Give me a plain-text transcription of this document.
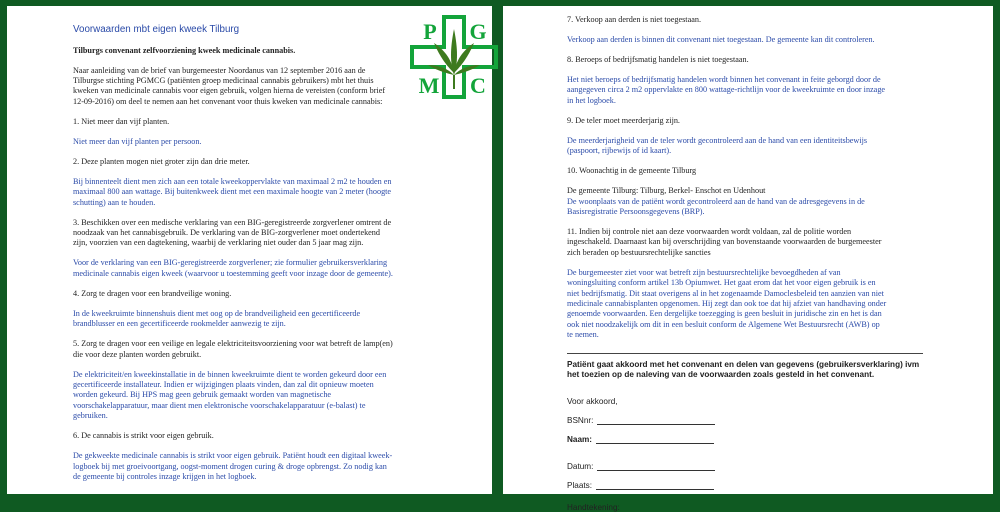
Voorwaarden mbt eigen kweek Tilburg
Tilburgs convenant zelfvoorziening kweek medicinale cannabis.
Naar aanleiding van de brief van burgemeester Noordanus van 12 september 2016 aan de
Tilburgse stichting PGMCG (patiënten groep medicinaal cannabis gebruikers) mbt het thuis
kweken van medicinale cannabis voor eigen gebruik, volgen hierna de vereisten (conform brief
12-09-2016) om deel te nemen aan het convenant voor thuis kweken van medicinale cannabis:
1. Niet meer dan vijf planten.
Niet meer dan vijf planten per persoon.
2. Deze planten mogen niet groter zijn dan drie meter.
Bij binnenteelt dient men zich aan een totale kweekoppervlakte van maximaal 2 m2 te houden en
maximaal 800 aan wattage. Bij buitenkweek dient met een maximale hoogte van 2 meter (hoogte
schutting) aan te houden.
3. Beschikken over een medische verklaring van een BIG-geregistreerde zorgverlener omtrent de
noodzaak van het cannabisgebruik. De verklaring van de BIG-zorgverlener moet ondertekend
zijn, voorzien van een dagtekening, waarbij de verklaring niet ouder dan 5 jaar mag zijn.
Voor de verklaring van een BIG-geregistreerde zorgverlener; zie formulier gebruikersverklaring
medicinale cannabis eigen kweek (waarvoor u toestemming geeft voor inzage door de gemeente).
4. Zorg te dragen voor een brandveilige woning.
In de kweekruimte binnenshuis dient met oog op de brandveiligheid een gecertificeerde
brandblusser en een gecertificeerde rookmelder aanwezig te zijn.
5. Zorg te dragen voor een veilige en legale elektriciteitsvoorziening voor wat betreft de lamp(en)
die voor deze planten worden gebruikt.
De elektriciteit/en kweekinstallatie in de binnen kweekruimte dient te worden gekeurd door een
gecertificeerde installateur. Indien er wijzigingen plaats vinden, dan zal dit opnieuw moeten
worden gekeurd. Bij HPS mag geen gebruik gemaakt worden van magnetische
voorschakelapparatuur, maar dient men elektronische voorschakelapparatuur (e-balast) te
gebruiken.
6. De cannabis is strikt voor eigen gebruik.
De gekweekte medicinale cannabis is strikt voor eigen gebruik. Patiënt houdt een digitaal kweek-
logboek bij met groeivoortgang, oogst-moment drogen curing & droge opbrengst. Zo nodig kan
de gemeente bij controles inzage krijgen in het logboek.
P G
M C
7. Verkoop aan derden is niet toegestaan.
Verkoop aan derden is binnen dit convenant niet toegestaan. De gemeente kan dit controleren.
8. Beroeps of bedrijfsmatig handelen is niet toegestaan.
Het niet beroeps of bedrijfsmatig handelen wordt binnen het convenant in feite geborgd door de
aangegeven circa 2 m2 oppervlakte en 800 wattage-richtlijn voor de kweekruimte en door inzage
in het logboek.
9. De teler moet meerderjarig zijn.
De meerderjarigheid van de teler wordt gecontroleerd aan de hand van een identiteitsbewijs
(paspoort, rijbewijs of id kaart).
10. Woonachtig in de gemeente Tilburg
De gemeente Tilburg: Tilburg, Berkel- Enschot en Udenhout
De woonplaats van de patiënt wordt gecontroleerd aan de hand van de adresgegevens in de
Basisregistratie Persoonsgegevens (BRP).
11. Indien bij controle niet aan deze voorwaarden wordt voldaan, zal de politie worden
ingeschakeld. Daarnaast kan bij overschrijding van bovenstaande voorwaarden de burgemeester
zich beraden op bestuursrechtelijke sancties
De burgemeester ziet voor wat betreft zijn bestuursrechtelijke bevoegdheden af van
woningsluiting conform artikel 13b Opiumwet. Het gaat erom dat het voor eigen gebruik is en
niet bedrijfsmatig. Dit staat overigens al in het zogenaamde Damoclesbeleid ten aanzien van niet
medicinale cannabisplanten opgenomen. Hij zegt dan ook toe dat hij afziet van handhaving onder
genoemde voorwaarden. Een dergelijke toezegging is geen besluit in juridische zin en het is dan
ook niet noodzakelijk om dit in een besluit conform de Algemene Wet Bestuursrecht (AWB) op
te nemen.
Patiënt gaat akkoord met het convenant en delen van gegevens (gebruikersverklaring) ivm
het toezien op de naleving van de voorwaarden zoals gesteld in het convenant.
Voor akkoord,
BSNnr:
Naam:
Datum:
Plaats:
Handtekening:
